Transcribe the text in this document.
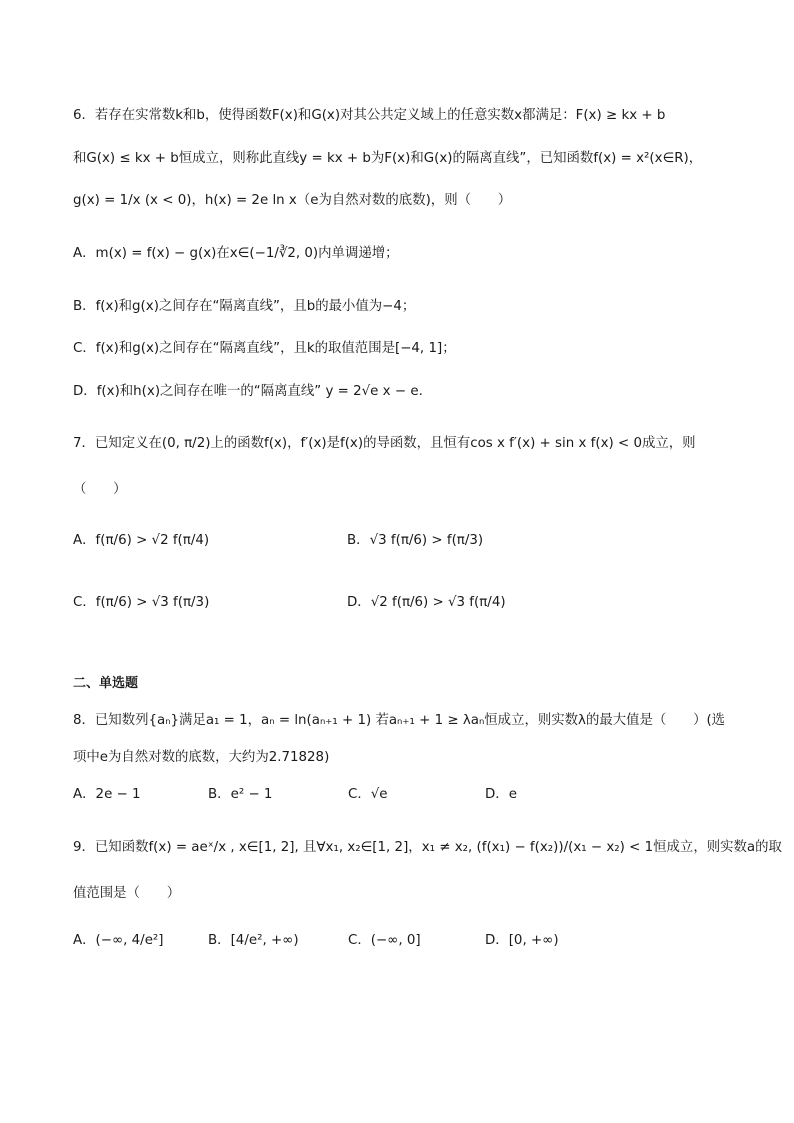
6．若存在实常数k和b，使得函数F(x)和G(x)对其公共定义域上的任意实数x都满足：F(x) ≥ kx + b
和G(x) ≤ kx + b恒成立，则称此直线y = kx + b为F(x)和G(x)的隔离直线”，已知函数f(x) = x²(x∈R)，
g(x) = 1/x (x < 0)，h(x) = 2e ln x（e为自然对数的底数)，则（　　）
A．m(x) = f(x) − g(x)在x∈(−1/∛2, 0)内单调递增；
B．f(x)和g(x)之间存在“隔离直线”，且b的最小值为−4；
C．f(x)和g(x)之间存在“隔离直线”，且k的取值范围是[−4, 1]；
D．f(x)和h(x)之间存在唯一的“隔离直线” y = 2√e x − e.
7．已知定义在(0, π/2)上的函数f(x)，f′(x)是f(x)的导函数，且恒有cos x f′(x) + sin x f(x) < 0成立，则
（　　）
A．f(π/6) > √2 f(π/4)	B．√3 f(π/6) > f(π/3)
C．f(π/6) > √3 f(π/3)	D．√2 f(π/6) > √3 f(π/4)
二、单选题
8．已知数列{aₙ}满足a₁ = 1，aₙ = ln(aₙ₊₁ + 1) 若aₙ₊₁ + 1 ≥ λaₙ恒成立，则实数λ的最大值是（　　）(选
项中e为自然对数的底数，大约为2.71828)
A．2e − 1	B．e² − 1	C．√e	D．e
9．已知函数f(x) = aeˣ/x , x∈[1, 2], 且∀x₁, x₂∈[1, 2]，x₁ ≠ x₂, (f(x₁) − f(x₂))/(x₁ − x₂) < 1恒成立，则实数a的取
值范围是（　　）
A．(−∞, 4/e²]	B．[4/e², +∞)	C．(−∞, 0]	D．[0, +∞)
